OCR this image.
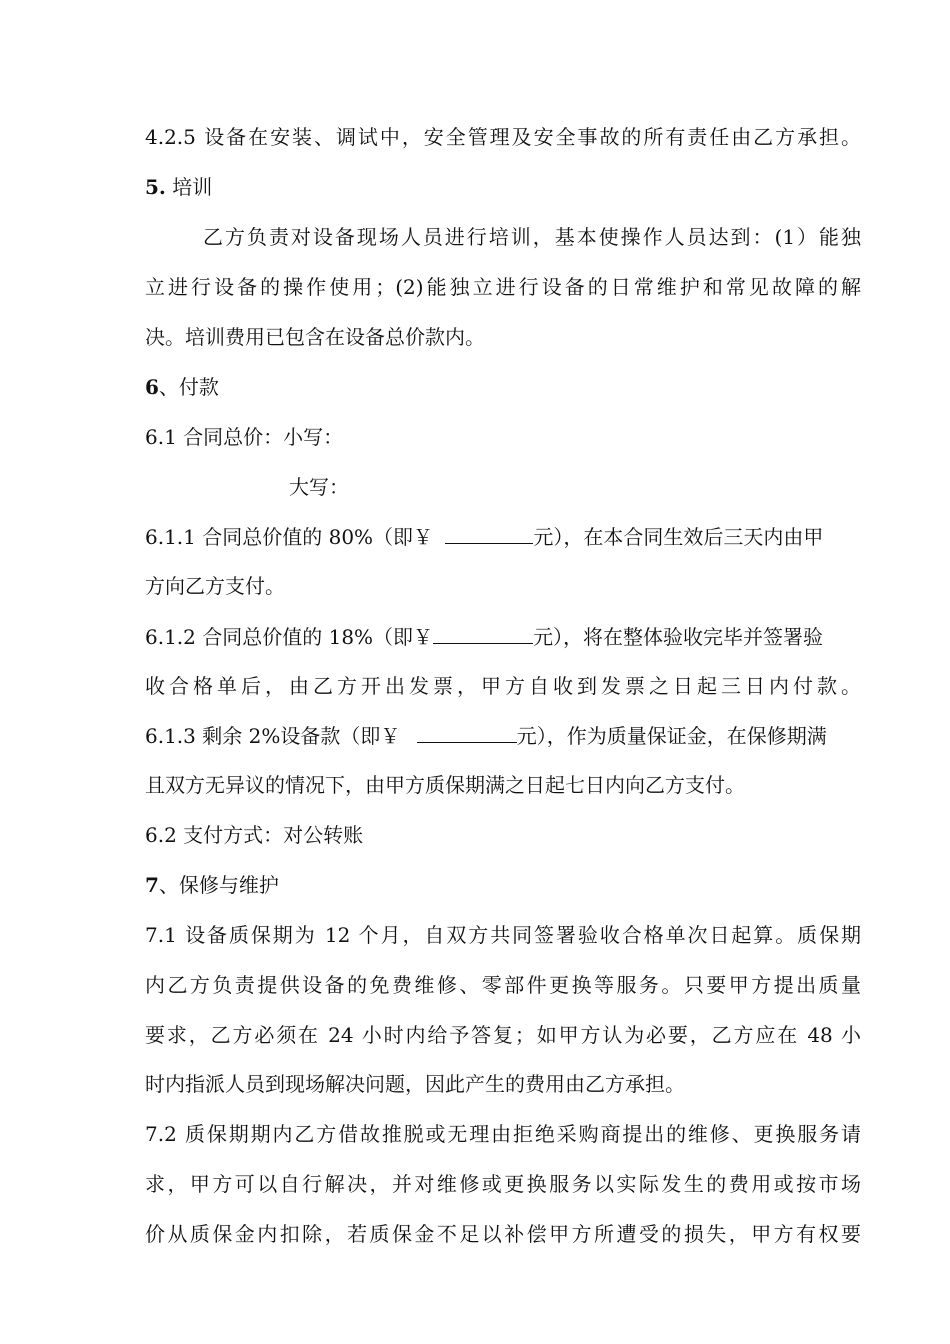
4.2.5 设备在安装、调试中，安全管理及安全事故的所有责任由乙方承担。
5. 培训
乙方负责对设备现场人员进行培训，基本使操作人员达到：(1）能独
立进行设备的操作使用；(2)能独立进行设备的日常维护和常见故障的解
决。培训费用已包含在设备总价款内。
6、付款
6.1 合同总价：小写：
大写：
6.1.1 合同总价值的 80%（即￥	元），在本合同生效后三天内由甲
方向乙方支付。
6.1.2 合同总价值的 18%（即￥	元），将在整体验收完毕并签署验
收合格单后，由乙方开出发票，甲方自收到发票之日起三日内付款。
6.1.3 剩余 2%设备款（即￥	元），作为质量保证金，在保修期满
且双方无异议的情况下，由甲方质保期满之日起七日内向乙方支付。
6.2 支付方式：对公转账
7、保修与维护
7.1 设备质保期为 12 个月，自双方共同签署验收合格单次日起算。质保期
内乙方负责提供设备的免费维修、零部件更换等服务。只要甲方提出质量
要求，乙方必须在 24 小时内给予答复；如甲方认为必要，乙方应在 48 小
时内指派人员到现场解决问题，因此产生的费用由乙方承担。
7.2 质保期期内乙方借故推脱或无理由拒绝采购商提出的维修、更换服务请
求，甲方可以自行解决，并对维修或更换服务以实际发生的费用或按市场
价从质保金内扣除，若质保金不足以补偿甲方所遭受的损失，甲方有权要
